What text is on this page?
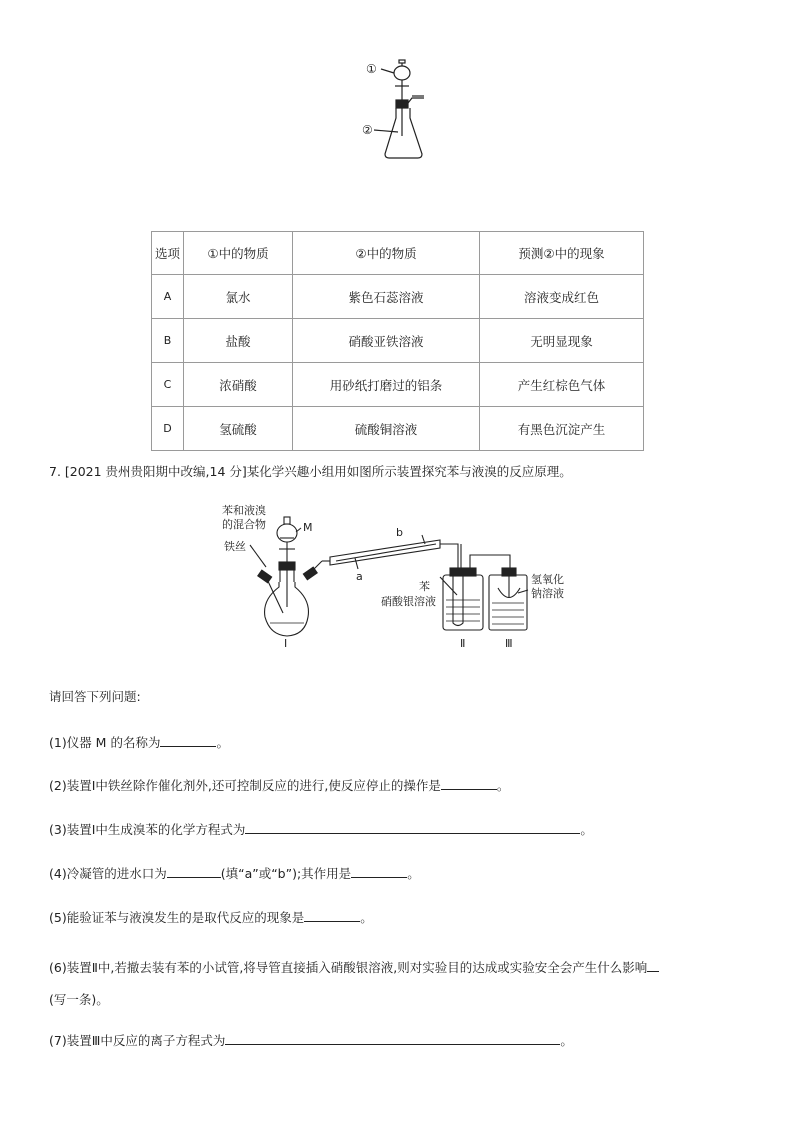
①
②
选项	①中的物质	②中的物质	预测②中的现象
A	氯水	紫色石蕊溶液	溶液变成红色
B	盐酸	硝酸亚铁溶液	无明显现象
C	浓硝酸	用砂纸打磨过的铝条	产生红棕色气体
D	氢硫酸	硫酸铜溶液	有黑色沉淀产生
7. [2021 贵州贵阳期中改编,14 分]某化学兴趣小组用如图所示装置探究苯与液溴的反应原理。
苯和液溴
的混合物	M
铁丝
a
b
苯
硝酸银溶液
氢氧化
钠溶液
Ⅰ	Ⅱ	Ⅲ
请回答下列问题:
(1)仪器 M 的名称为	。
(2)装置Ⅰ中铁丝除作催化剂外,还可控制反应的进行,使反应停止的操作是	。
(3)装置Ⅰ中生成溴苯的化学方程式为	。
(4)冷凝管的进水口为	(填“a”或“b”);其作用是	。
(5)能验证苯与液溴发生的是取代反应的现象是	。
(6)装置Ⅱ中,若撤去装有苯的小试管,将导管直接插入硝酸银溶液,则对实验目的达成或实验安全会产生什么影响
(写一条)。
(7)装置Ⅲ中反应的离子方程式为	。
